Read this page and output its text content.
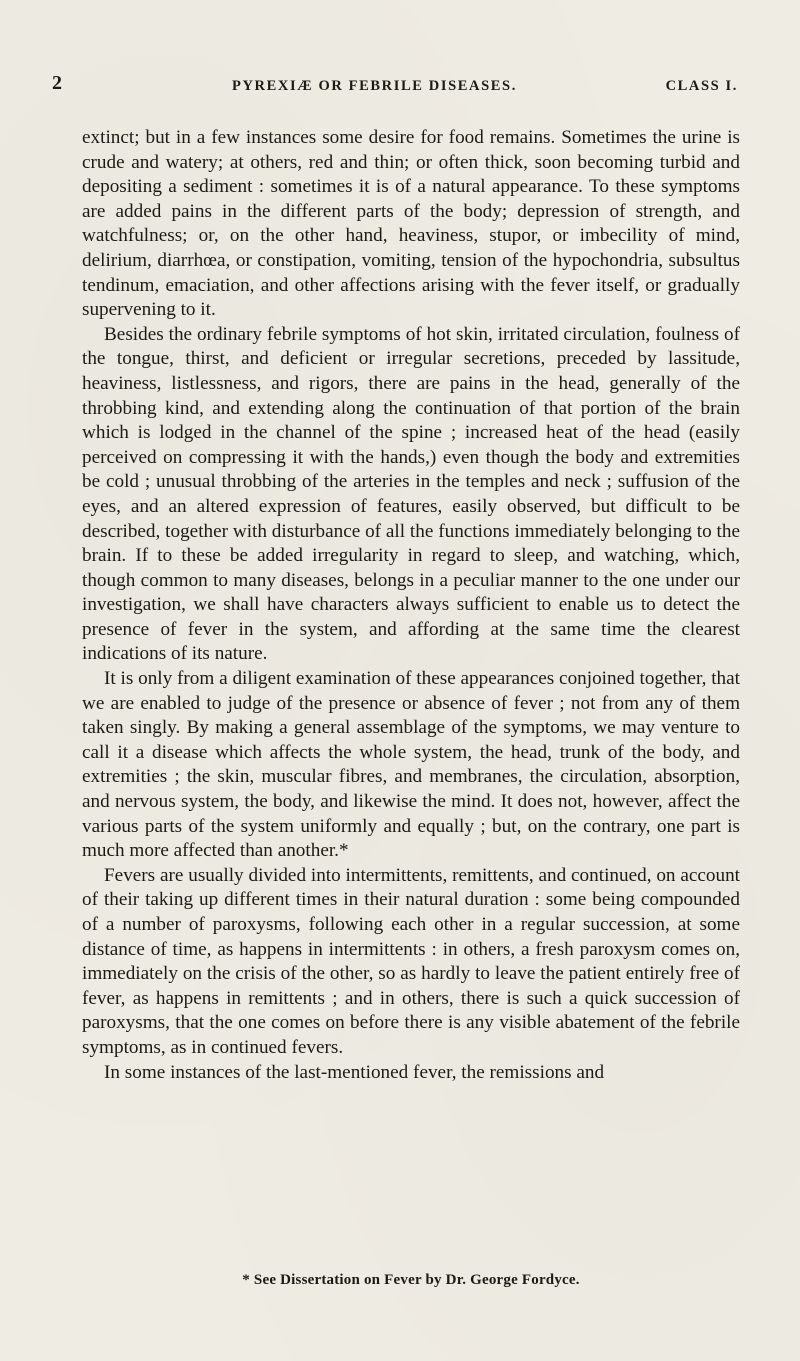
2	PYREXIÆ OR FEBRILE DISEASES.	CLASS I.

extinct; but in a few instances some desire for food remains. Sometimes the urine is crude and watery; at others, red and thin; or often thick, soon becoming turbid and depositing a sediment : sometimes it is of a natural appearance. To these symptoms are added pains in the different parts of the body; depression of strength, and watchfulness; or, on the other hand, heaviness, stupor, or imbecility of mind, delirium, diarrhœa, or constipation, vomiting, tension of the hypochondria, subsultus tendinum, emaciation, and other affections arising with the fever itself, or gradually supervening to it.

Besides the ordinary febrile symptoms of hot skin, irritated circulation, foulness of the tongue, thirst, and deficient or irregular secretions, preceded by lassitude, heaviness, listlessness, and rigors, there are pains in the head, generally of the throbbing kind, and extending along the continuation of that portion of the brain which is lodged in the channel of the spine ; increased heat of the head (easily perceived on compressing it with the hands,) even though the body and extremities be cold ; unusual throbbing of the arteries in the temples and neck ; suffusion of the eyes, and an altered expression of features, easily observed, but difficult to be described, together with disturbance of all the functions immediately belonging to the brain. If to these be added irregularity in regard to sleep, and watching, which, though common to many diseases, belongs in a peculiar manner to the one under our investigation, we shall have characters always sufficient to enable us to detect the presence of fever in the system, and affording at the same time the clearest indications of its nature.

It is only from a diligent examination of these appearances conjoined together, that we are enabled to judge of the presence or absence of fever ; not from any of them taken singly. By making a general assemblage of the symptoms, we may venture to call it a disease which affects the whole system, the head, trunk of the body, and extremities ; the skin, muscular fibres, and membranes, the circulation, absorption, and nervous system, the body, and likewise the mind. It does not, however, affect the various parts of the system uniformly and equally ; but, on the contrary, one part is much more affected than another.*

Fevers are usually divided into intermittents, remittents, and continued, on account of their taking up different times in their natural duration : some being compounded of a number of paroxysms, following each other in a regular succession, at some distance of time, as happens in intermittents : in others, a fresh paroxysm comes on, immediately on the crisis of the other, so as hardly to leave the patient entirely free of fever, as happens in remittents ; and in others, there is such a quick succession of paroxysms, that the one comes on before there is any visible abatement of the febrile symptoms, as in continued fevers.

In some instances of the last-mentioned fever, the remissions and

* See Dissertation on Fever by Dr. George Fordyce.
